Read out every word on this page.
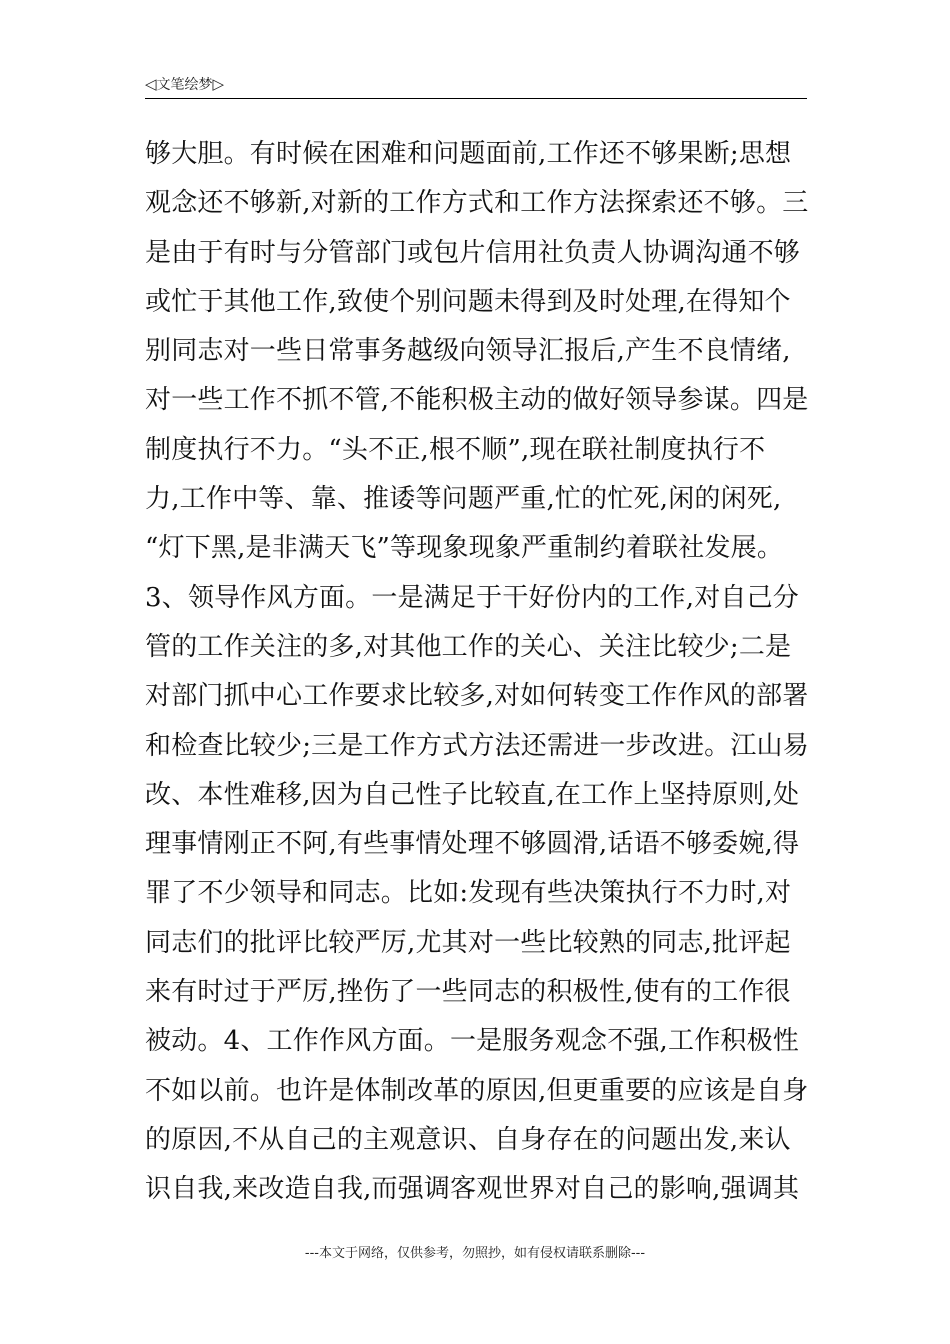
◁文笔绘梦▷
够大胆。有时候在困难和问题面前,工作还不够果断;思想
观念还不够新,对新的工作方式和工作方法探索还不够。三
是由于有时与分管部门或包片信用社负责人协调沟通不够
或忙于其他工作,致使个别问题未得到及时处理,在得知个
别同志对一些日常事务越级向领导汇报后,产生不良情绪,
对一些工作不抓不管,不能积极主动的做好领导参谋。四是
制度执行不力。“头不正,根不顺”,现在联社制度执行不
力,工作中等、靠、推诿等问题严重,忙的忙死,闲的闲死,
“灯下黑,是非满天飞”等现象现象严重制约着联社发展。
3、领导作风方面。一是满足于干好份内的工作,对自己分
管的工作关注的多,对其他工作的关心、关注比较少;二是
对部门抓中心工作要求比较多,对如何转变工作作风的部署
和检查比较少;三是工作方式方法还需进一步改进。江山易
改、本性难移,因为自己性子比较直,在工作上坚持原则,处
理事情刚正不阿,有些事情处理不够圆滑,话语不够委婉,得
罪了不少领导和同志。比如:发现有些决策执行不力时,对
同志们的批评比较严厉,尤其对一些比较熟的同志,批评起
来有时过于严厉,挫伤了一些同志的积极性,使有的工作很
被动。4、工作作风方面。一是服务观念不强,工作积极性
不如以前。也许是体制改革的原因,但更重要的应该是自身
的原因,不从自己的主观意识、自身存在的问题出发,来认
识自我,来改造自我,而强调客观世界对自己的影响,强调其
---本文于网络，仅供参考，勿照抄，如有侵权请联系删除---
